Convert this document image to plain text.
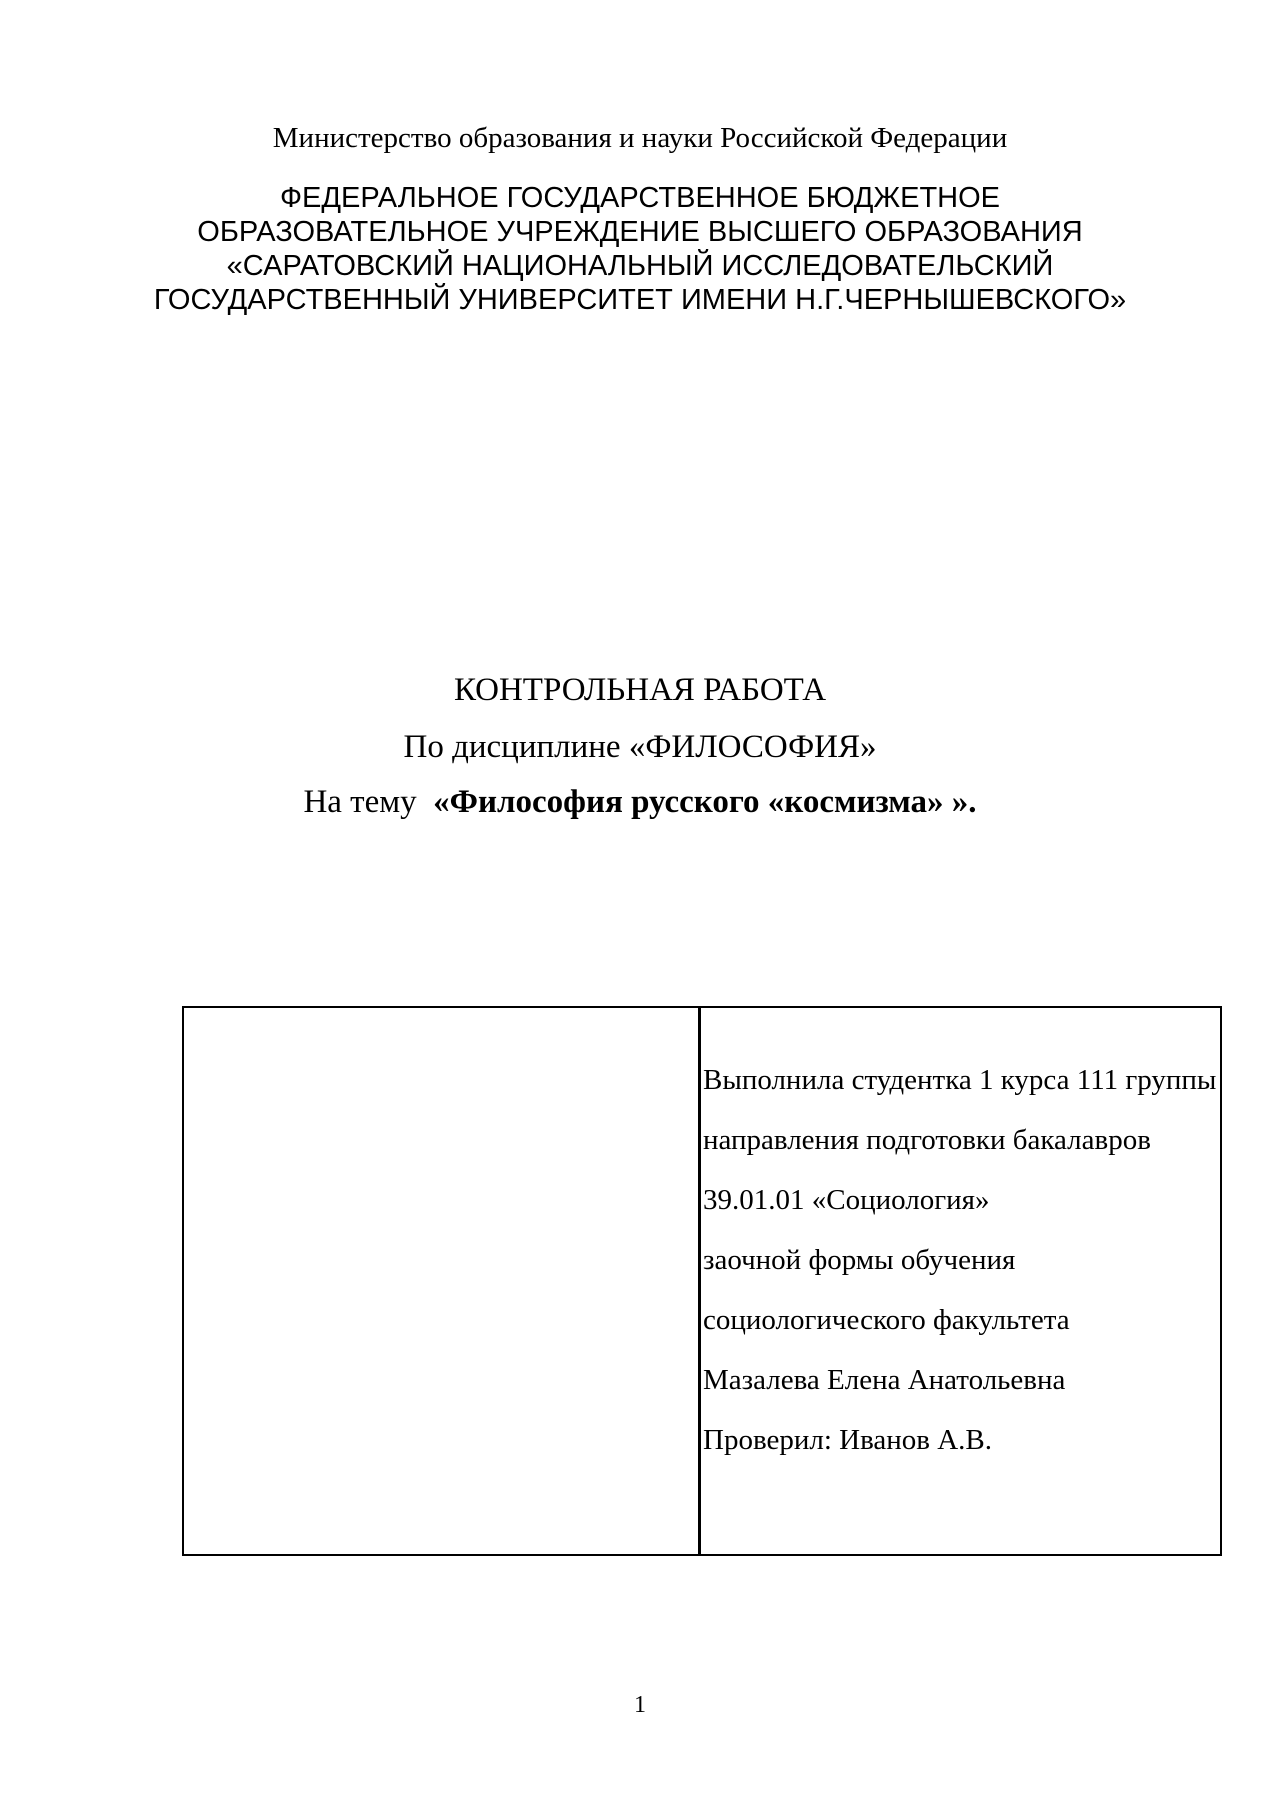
Министерство образования и науки Российской Федерации
ФЕДЕРАЛЬНОЕ ГОСУДАРСТВЕННОЕ БЮДЖЕТНОЕ
ОБРАЗОВАТЕЛЬНОЕ УЧРЕЖДЕНИЕ ВЫСШЕГО ОБРАЗОВАНИЯ
«САРАТОВСКИЙ НАЦИОНАЛЬНЫЙ ИССЛЕДОВАТЕЛЬСКИЙ
ГОСУДАРСТВЕННЫЙ УНИВЕРСИТЕТ ИМЕНИ Н.Г.ЧЕРНЫШЕВСКОГО»
КОНТРОЛЬНАЯ РАБОТА
По дисциплине «ФИЛОСОФИЯ»
На тему  «Философия русского «космизма» ».
Выполнила студентка 1 курса 111 группы
направления подготовки бакалавров
39.01.01 «Социология»
заочной формы обучения
социологического факультета
Мазалева Елена Анатольевна
Проверил: Иванов А.В.
1
